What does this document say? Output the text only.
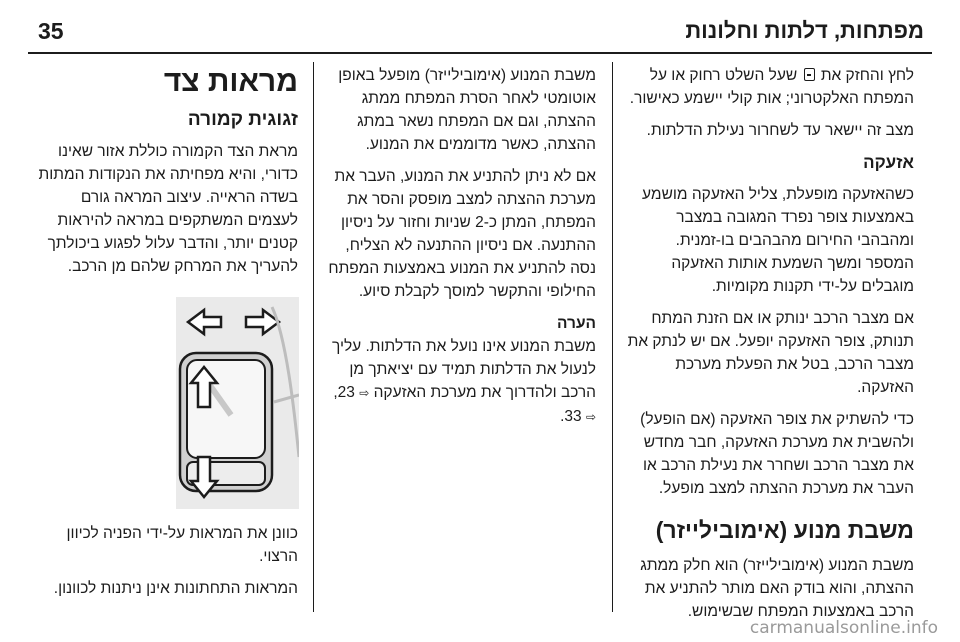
35	מפתחות, דלתות וחלונות

לחץ והחזק את  שעל השלט רחוק או על המפתח האלקטרוני; אות קולי יישמע כאישור.

מצב זה יישאר עד לשחרור נעילת הדלתות.

אזעקה

כשהאזעקה מופעלת, צליל האזעקה מושמע באמצעות צופר נפרד המגובה במצבר ומהבהבי החירום מהבהבים בו-זמנית. המספר ומשך השמעת אותות האזעקה מוגבלים על-ידי תקנות מקומיות.

אם מצבר הרכב ינותק או אם הזנת המתח תנותק, צופר האזעקה יופעל. אם יש לנתק את מצבר הרכב, בטל את הפעלת מערכת האזעקה.

כדי להשתיק את צופר האזעקה (אם הופעל) ולהשבית את מערכת האזעקה, חבר מחדש את מצבר הרכב ושחרר את נעילת הרכב או העבר את מערכת ההצתה למצב מופעל.

משבת מנוע (אימובילייזר)

משבת המנוע (אימובילייזר) הוא חלק ממתג ההצתה, והוא בודק האם מותר להתניע את הרכב באמצעות המפתח שבשימוש.

משבת המנוע (אימובילייזר) מופעל באופן אוטומטי לאחר הסרת המפתח ממתג ההצתה, וגם אם המפתח נשאר במתג ההצתה, כאשר מדוממים את המנוע.

אם לא ניתן להתניע את המנוע, העבר את מערכת ההצתה למצב מופסק והסר את המפתח, המתן כ-2 שניות וחזור על ניסיון ההתנעה. אם ניסיון ההתנעה לא הצליח, נסה להתניע את המנוע באמצעות המפתח החילופי והתקשר למוסך לקבלת סיוע.

הערה

משבת המנוע אינו נועל את הדלתות. עליך לנעול את הדלתות תמיד עם יציאתך מן הרכב ולהדרוך את מערכת האזעקה ⇨ 23, ⇨ 33.

מראות צד
זגוגית קמורה

מראת הצד הקמורה כוללת אזור שאינו כדורי, והיא מפחיתה את הנקודות המתות בשדה הראייה. עיצוב המראה גורם לעצמים המשתקפים במראה להיראות קטנים יותר, והדבר עלול לפגוע ביכולתך להעריך את המרחק שלהם מן הרכב.

כוונן את המראות על-ידי הפניה לכיוון הרצוי.

המראות התחתונות אינן ניתנות לכוונון.

carmanualsonline.info
